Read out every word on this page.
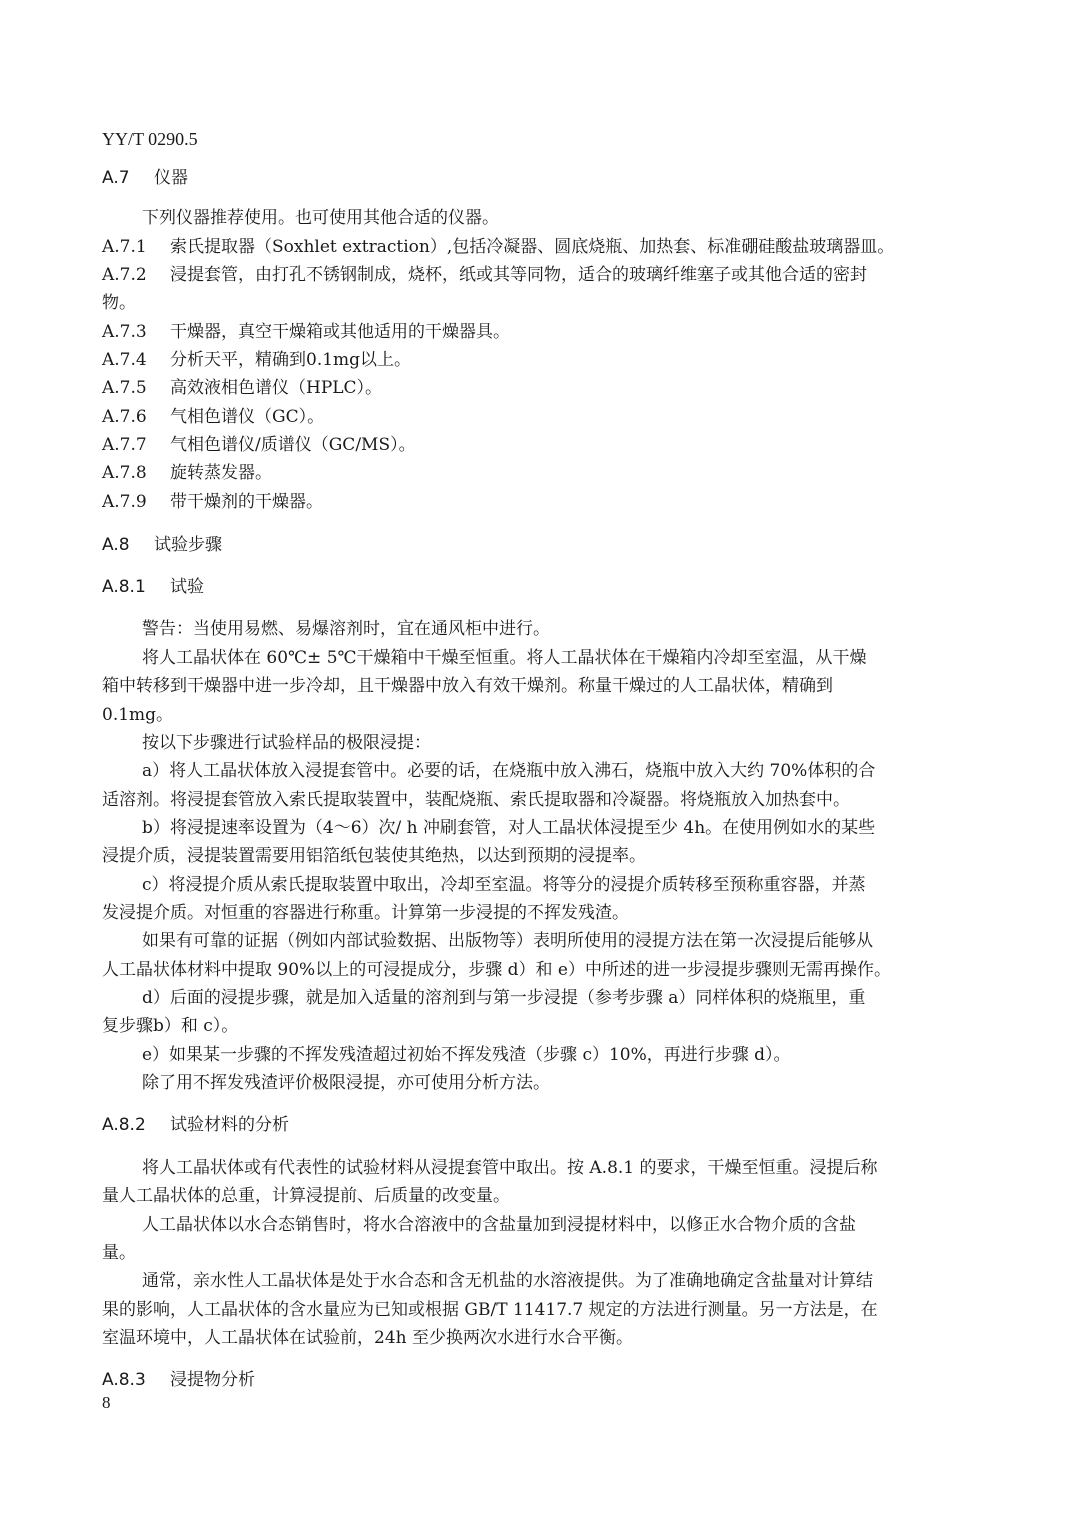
YY/T 0290.5
A.7 仪器
下列仪器推荐使用。也可使用其他合适的仪器。
A.7.1 索氏提取器（Soxhlet extraction）,包括冷凝器、圆底烧瓶、加热套、标准硼硅酸盐玻璃器皿。
A.7.2 浸提套管，由打孔不锈钢制成，烧杯，纸或其等同物，适合的玻璃纤维塞子或其他合适的密封
物。
A.7.3 干燥器，真空干燥箱或其他适用的干燥器具。
A.7.4 分析天平，精确到0.1mg以上。
A.7.5 高效液相色谱仪（HPLC）。
A.7.6 气相色谱仪（GC）。
A.7.7 气相色谱仪/质谱仪（GC/MS）。
A.7.8 旋转蒸发器。
A.7.9 带干燥剂的干燥器。
A.8 试验步骤
A.8.1 试验
警告：当使用易燃、易爆溶剂时，宜在通风柜中进行。
将人工晶状体在 60℃± 5℃干燥箱中干燥至恒重。将人工晶状体在干燥箱内冷却至室温，从干燥
箱中转移到干燥器中进一步冷却，且干燥器中放入有效干燥剂。称量干燥过的人工晶状体，精确到
0.1mg。
按以下步骤进行试验样品的极限浸提：
a）将人工晶状体放入浸提套管中。必要的话，在烧瓶中放入沸石，烧瓶中放入大约 70%体积的合
适溶剂。将浸提套管放入索氏提取装置中，装配烧瓶、索氏提取器和冷凝器。将烧瓶放入加热套中。
b）将浸提速率设置为（4～6）次/ h 冲刷套管，对人工晶状体浸提至少 4h。在使用例如水的某些
浸提介质，浸提装置需要用铝箔纸包装使其绝热，以达到预期的浸提率。
c）将浸提介质从索氏提取装置中取出，冷却至室温。将等分的浸提介质转移至预称重容器，并蒸
发浸提介质。对恒重的容器进行称重。计算第一步浸提的不挥发残渣。
如果有可靠的证据（例如内部试验数据、出版物等）表明所使用的浸提方法在第一次浸提后能够从
人工晶状体材料中提取 90%以上的可浸提成分，步骤 d）和 e）中所述的进一步浸提步骤则无需再操作。
d）后面的浸提步骤，就是加入适量的溶剂到与第一步浸提（参考步骤 a）同样体积的烧瓶里，重
复步骤b）和 c）。
e）如果某一步骤的不挥发残渣超过初始不挥发残渣（步骤 c）10%，再进行步骤 d）。
除了用不挥发残渣评价极限浸提，亦可使用分析方法。
A.8.2 试验材料的分析
将人工晶状体或有代表性的试验材料从浸提套管中取出。按 A.8.1 的要求，干燥至恒重。浸提后称
量人工晶状体的总重，计算浸提前、后质量的改变量。
人工晶状体以水合态销售时，将水合溶液中的含盐量加到浸提材料中，以修正水合物介质的含盐
量。
通常，亲水性人工晶状体是处于水合态和含无机盐的水溶液提供。为了准确地确定含盐量对计算结
果的影响，人工晶状体的含水量应为已知或根据 GB/T 11417.7 规定的方法进行测量。另一方法是，在
室温环境中，人工晶状体在试验前，24h 至少换两次水进行水合平衡。
A.8.3 浸提物分析
8
